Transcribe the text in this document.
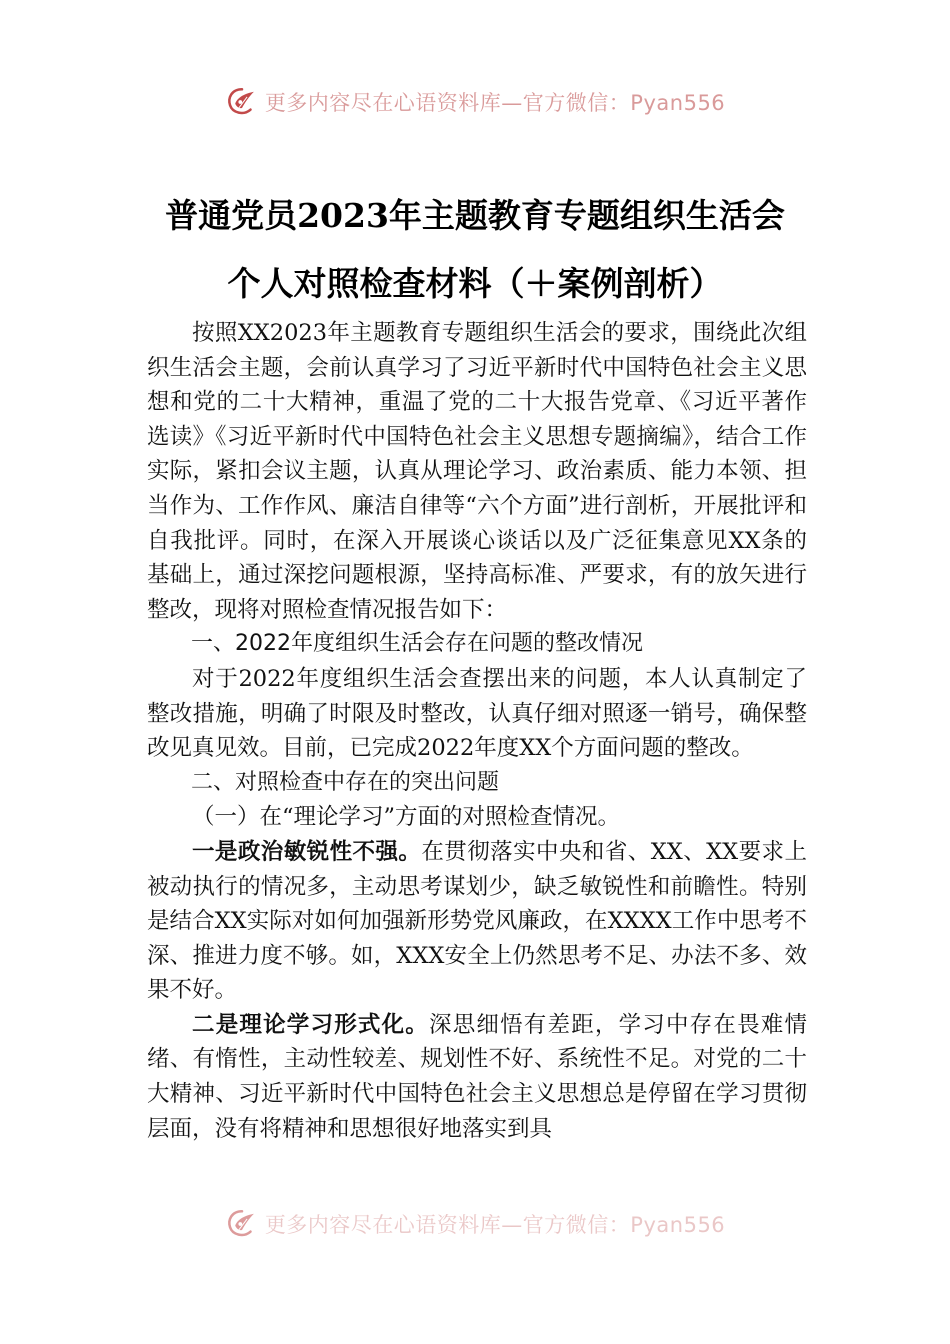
更多内容尽在心语资料库—官方微信：Pyan556
普通党员2023年主题教育专题组织生活会
个人对照检查材料（＋案例剖析）

按照XX2023年主题教育专题组织生活会的要求，围绕此次组织生活会主题，会前认真学习了习近平新时代中国特色社会主义思想和党的二十大精神，重温了党的二十大报告党章、《习近平著作选读》《习近平新时代中国特色社会主义思想专题摘编》，结合工作实际，紧扣会议主题，认真从理论学习、政治素质、能力本领、担当作为、工作作风、廉洁自律等“六个方面”进行剖析，开展批评和自我批评。同时，在深入开展谈心谈话以及广泛征集意见XX条的基础上，通过深挖问题根源，坚持高标准、严要求，有的放矢进行整改，现将对照检查情况报告如下：

一、2022年度组织生活会存在问题的整改情况

对于2022年度组织生活会查摆出来的问题，本人认真制定了整改措施，明确了时限及时整改，认真仔细对照逐一销号，确保整改见真见效。目前，已完成2022年度XX个方面问题的整改。

二、对照检查中存在的突出问题

（一）在“理论学习”方面的对照检查情况。

一是政治敏锐性不强。在贯彻落实中央和省、XX、XX要求上被动执行的情况多，主动思考谋划少，缺乏敏锐性和前瞻性。特别是结合XX实际对如何加强新形势党风廉政，在XXXX工作中思考不深、推进力度不够。如，XXX安全上仍然思考不足、办法不多、效果不好。

二是理论学习形式化。深思细悟有差距，学习中存在畏难情绪、有惰性，主动性较差、规划性不好、系统性不足。对党的二十大精神、习近平新时代中国特色社会主义思想总是停留在学习贯彻层面，没有将精神和思想很好地落实到具

更多内容尽在心语资料库—官方微信：Pyan556
